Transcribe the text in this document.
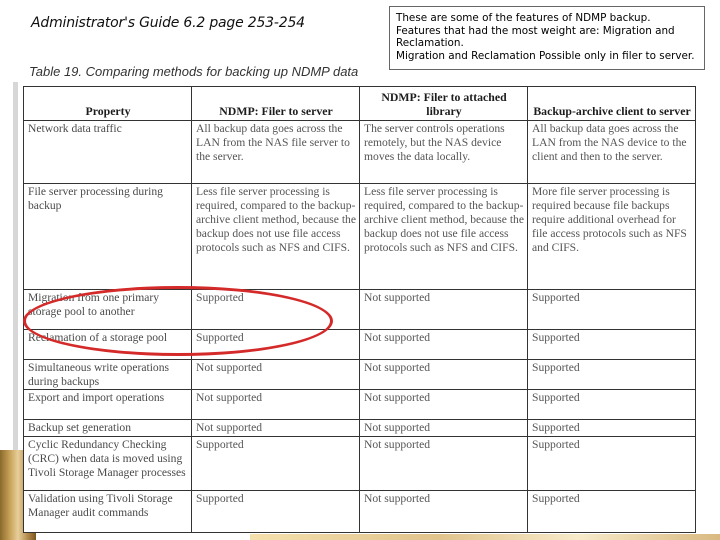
Administrator's Guide 6.2 page 253-254	These are some of the features of NDMP backup.
Features that had the most weight are: Migration and Reclamation.
Migration and Reclamation Possible only in filer to server.
Table 19. Comparing methods for backing up NDMP data
Property	NDMP: Filer to server	NDMP: Filer to attached library	Backup-archive client to server
Network data traffic	All backup data goes across the LAN from the NAS file server to the server.	The server controls operations remotely, but the NAS device moves the data locally.	All backup data goes across the LAN from the NAS device to the client and then to the server.
File server processing during backup	Less file server processing is required, compared to the backup-archive client method, because the backup does not use file access protocols such as NFS and CIFS.	Less file server processing is required, compared to the backup-archive client method, because the backup does not use file access protocols such as NFS and CIFS.	More file server processing is required because file backups require additional overhead for file access protocols such as NFS and CIFS.
Migration from one primary storage pool to another	Supported	Not supported	Supported
Reclamation of a storage pool	Supported	Not supported	Supported
Simultaneous write operations during backups	Not supported	Not supported	Supported
Export and import operations	Not supported	Not supported	Supported
Backup set generation	Not supported	Not supported	Supported
Cyclic Redundancy Checking (CRC) when data is moved using Tivoli Storage Manager processes	Supported	Not supported	Supported
Validation using Tivoli Storage Manager audit commands	Supported	Not supported	Supported
